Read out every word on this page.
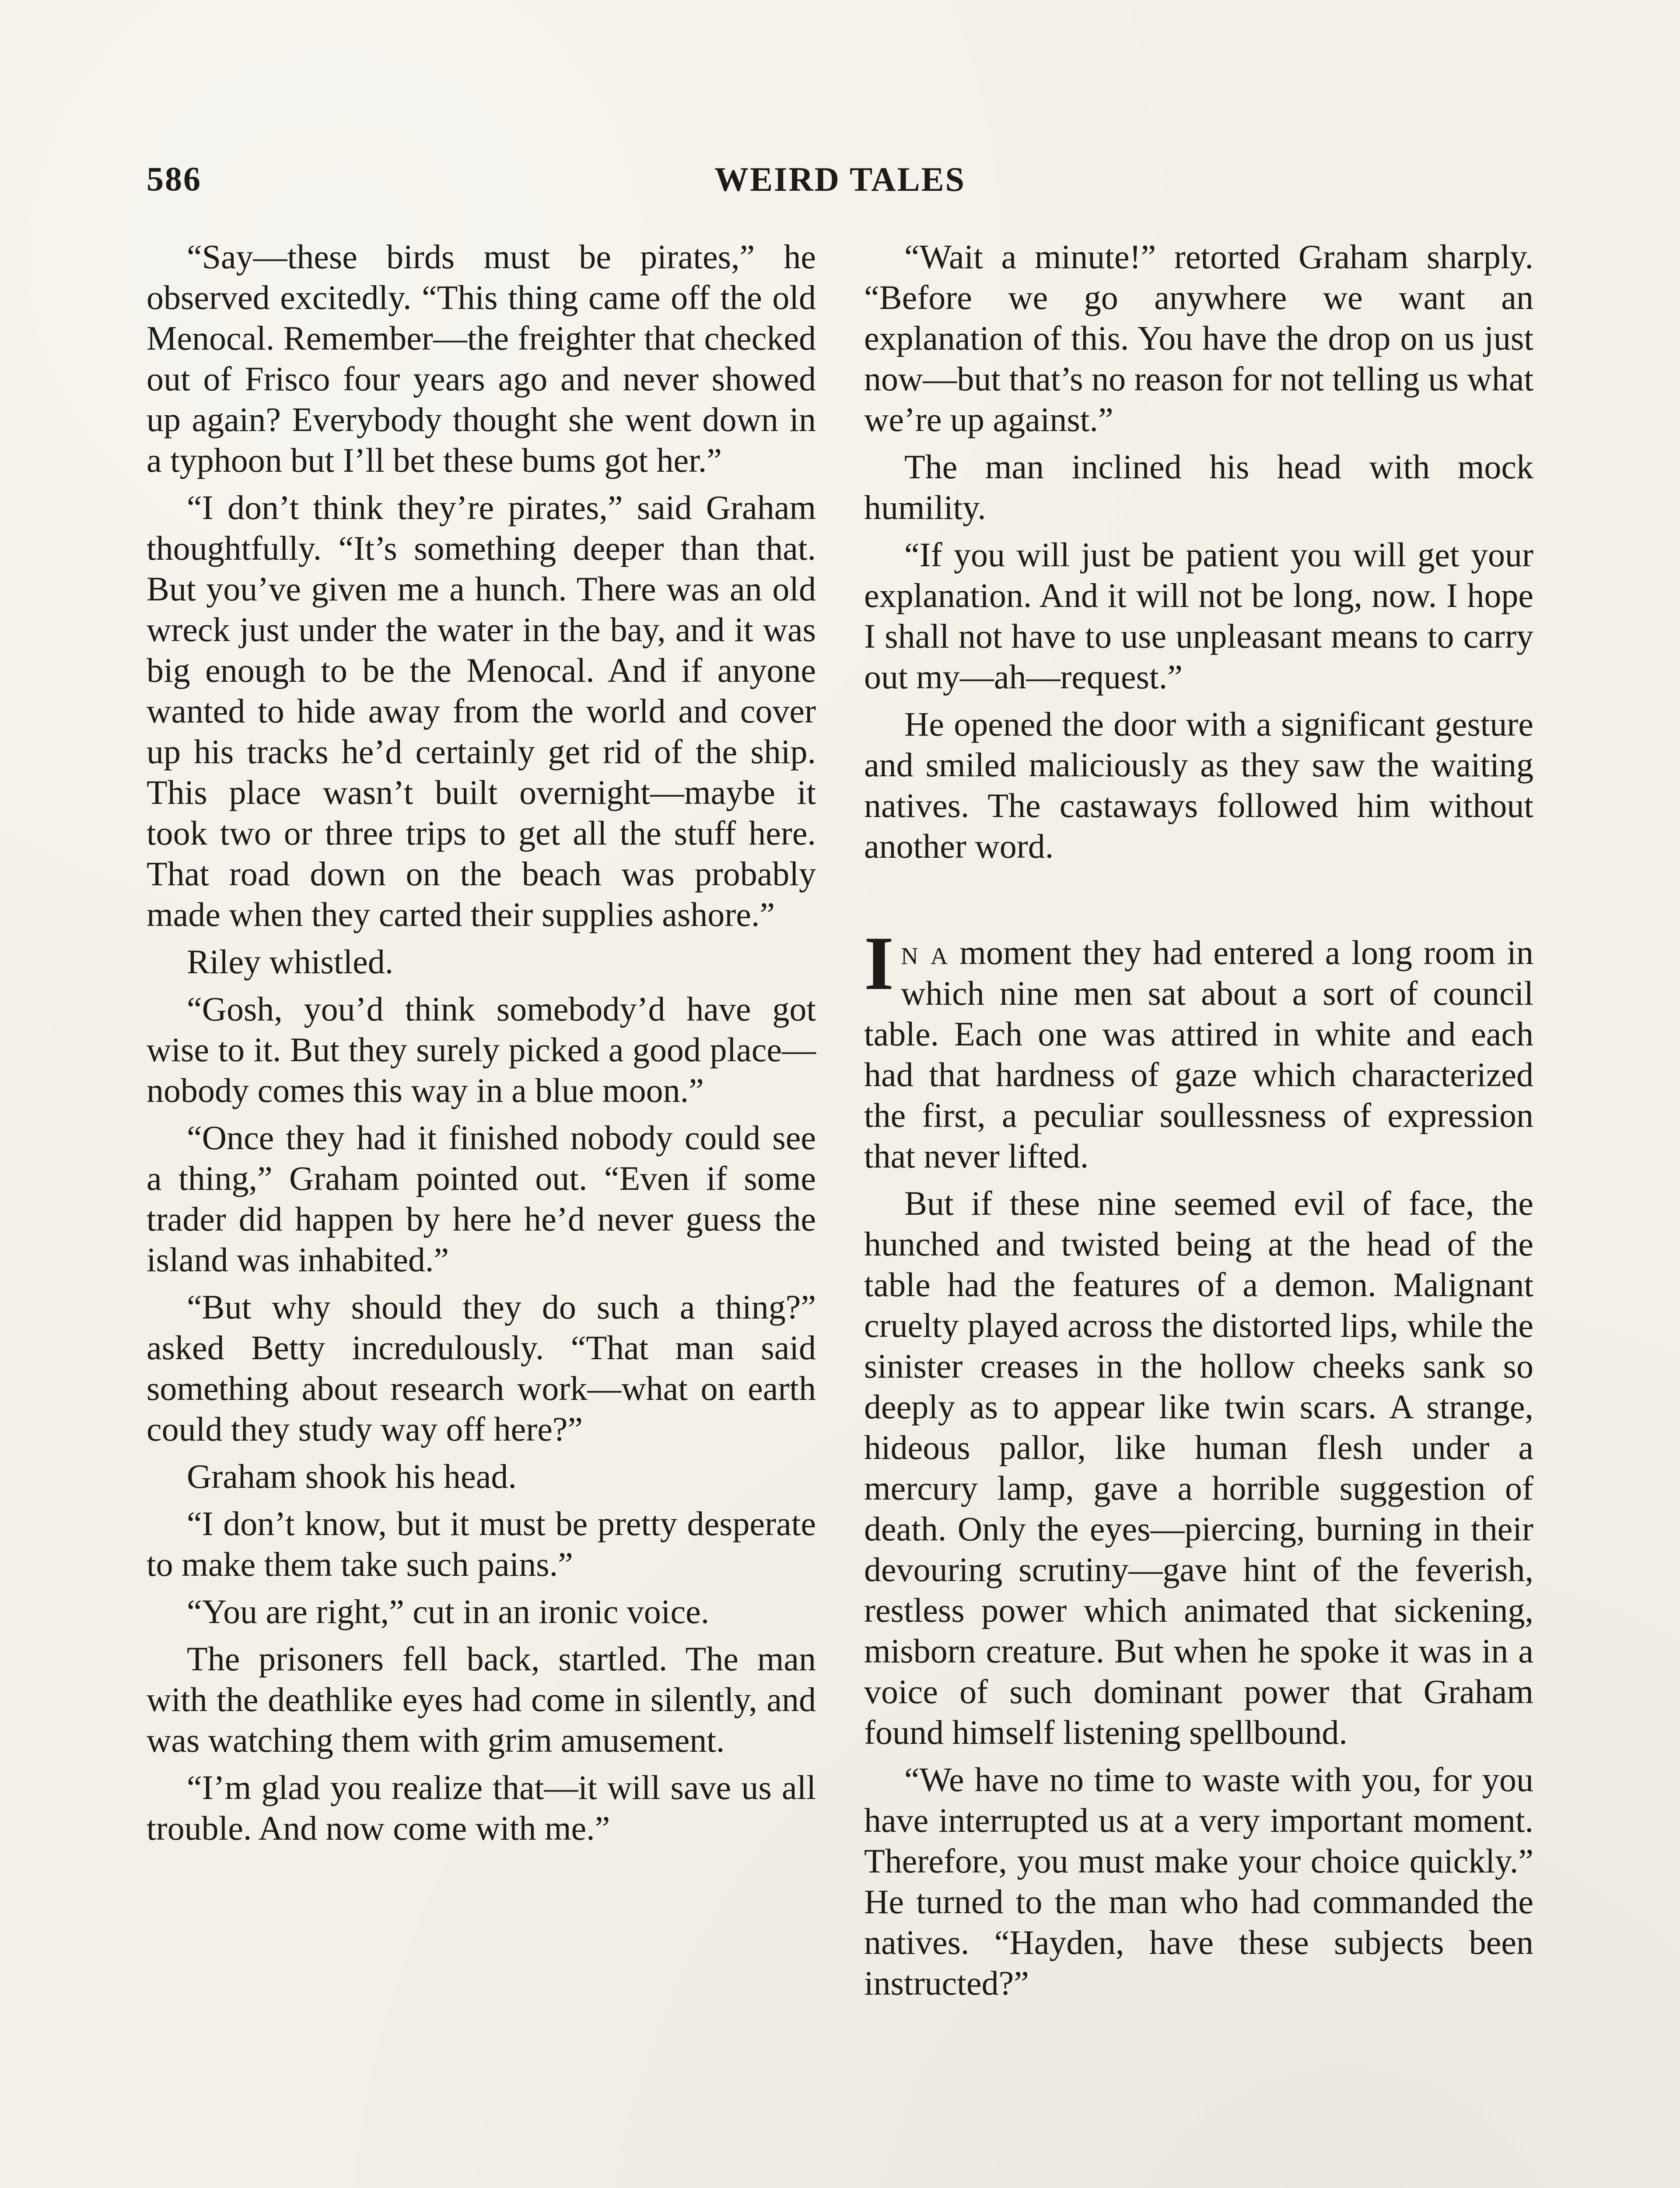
586	WEIRD TALES

“Say—these birds must be pirates,” he observed excitedly. “This thing came off the old Menocal. Remember—the freighter that checked out of Frisco four years ago and never showed up again? Everybody thought she went down in a typhoon but I’ll bet these bums got her.”

“I don’t think they’re pirates,” said Graham thoughtfully. “It’s something deeper than that. But you’ve given me a hunch. There was an old wreck just under the water in the bay, and it was big enough to be the Menocal. And if anyone wanted to hide away from the world and cover up his tracks he’d certainly get rid of the ship. This place wasn’t built overnight—maybe it took two or three trips to get all the stuff here. That road down on the beach was probably made when they carted their supplies ashore.”

Riley whistled.

“Gosh, you’d think somebody’d have got wise to it. But they surely picked a good place—nobody comes this way in a blue moon.”

“Once they had it finished nobody could see a thing,” Graham pointed out. “Even if some trader did happen by here he’d never guess the island was inhabited.”

“But why should they do such a thing?” asked Betty incredulously. “That man said something about research work—what on earth could they study way off here?”

Graham shook his head.

“I don’t know, but it must be pretty desperate to make them take such pains.”

“You are right,” cut in an ironic voice.

The prisoners fell back, startled. The man with the deathlike eyes had come in silently, and was watching them with grim amusement.

“I’m glad you realize that—it will save us all trouble. And now come with me.”

“Wait a minute!” retorted Graham sharply. “Before we go anywhere we want an explanation of this. You have the drop on us just now—but that’s no reason for not telling us what we’re up against.”

The man inclined his head with mock humility.

“If you will just be patient you will get your explanation. And it will not be long, now. I hope I shall not have to use unpleasant means to carry out my—ah—request.”

He opened the door with a significant gesture and smiled maliciously as they saw the waiting natives. The castaways followed him without another word.

In a moment they had entered a long room in which nine men sat about a sort of council table. Each one was attired in white and each had that hardness of gaze which characterized the first, a peculiar soullessness of expression that never lifted.

But if these nine seemed evil of face, the hunched and twisted being at the head of the table had the features of a demon. Malignant cruelty played across the distorted lips, while the sinister creases in the hollow cheeks sank so deeply as to appear like twin scars. A strange, hideous pallor, like human flesh under a mercury lamp, gave a horrible suggestion of death. Only the eyes—piercing, burning in their devouring scrutiny—gave hint of the feverish, restless power which animated that sickening, misborn creature. But when he spoke it was in a voice of such dominant power that Graham found himself listening spellbound.

“We have no time to waste with you, for you have interrupted us at a very important moment. Therefore, you must make your choice quickly.” He turned to the man who had commanded the natives. “Hayden, have these subjects been instructed?”
